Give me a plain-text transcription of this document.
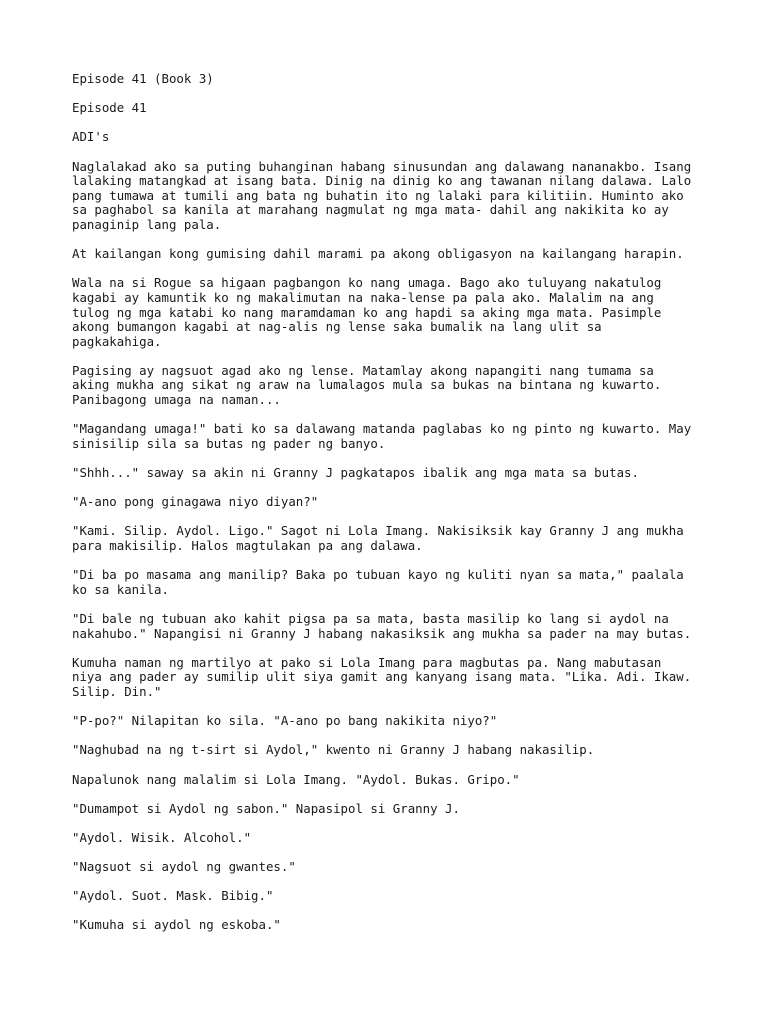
Episode 41 (Book 3)

Episode 41

ADI's

Naglalakad ako sa puting buhanginan habang sinusundan ang dalawang nananakbo. Isang
lalaking matangkad at isang bata. Dinig na dinig ko ang tawanan nilang dalawa. Lalo
pang tumawa at tumili ang bata ng buhatin ito ng lalaki para kilitiin. Huminto ako
sa paghabol sa kanila at marahang nagmulat ng mga mata- dahil ang nakikita ko ay
panaginip lang pala.

At kailangan kong gumising dahil marami pa akong obligasyon na kailangang harapin.

Wala na si Rogue sa higaan pagbangon ko nang umaga. Bago ako tuluyang nakatulog
kagabi ay kamuntik ko ng makalimutan na naka-lense pa pala ako. Malalim na ang
tulog ng mga katabi ko nang maramdaman ko ang hapdi sa aking mga mata. Pasimple
akong bumangon kagabi at nag-alis ng lense saka bumalik na lang ulit sa
pagkakahiga.

Pagising ay nagsuot agad ako ng lense. Matamlay akong napangiti nang tumama sa
aking mukha ang sikat ng araw na lumalagos mula sa bukas na bintana ng kuwarto.
Panibagong umaga na naman...

"Magandang umaga!" bati ko sa dalawang matanda paglabas ko ng pinto ng kuwarto. May
sinisilip sila sa butas ng pader ng banyo.

"Shhh..." saway sa akin ni Granny J pagkatapos ibalik ang mga mata sa butas.

"A-ano pong ginagawa niyo diyan?"

"Kami. Silip. Aydol. Ligo." Sagot ni Lola Imang. Nakisiksik kay Granny J ang mukha
para makisilip. Halos magtulakan pa ang dalawa.

"Di ba po masama ang manilip? Baka po tubuan kayo ng kuliti nyan sa mata," paalala
ko sa kanila.

"Di bale ng tubuan ako kahit pigsa pa sa mata, basta masilip ko lang si aydol na
nakahubo." Napangisi ni Granny J habang nakasiksik ang mukha sa pader na may butas.

Kumuha naman ng martilyo at pako si Lola Imang para magbutas pa. Nang mabutasan
niya ang pader ay sumilip ulit siya gamit ang kanyang isang mata. "Lika. Adi. Ikaw.
Silip. Din."

"P-po?" Nilapitan ko sila. "A-ano po bang nakikita niyo?"

"Naghubad na ng t-sirt si Aydol," kwento ni Granny J habang nakasilip.

Napalunok nang malalim si Lola Imang. "Aydol. Bukas. Gripo."

"Dumampot si Aydol ng sabon." Napasipol si Granny J.

"Aydol. Wisik. Alcohol."

"Nagsuot si aydol ng gwantes."

"Aydol. Suot. Mask. Bibig."

"Kumuha si aydol ng eskoba."
